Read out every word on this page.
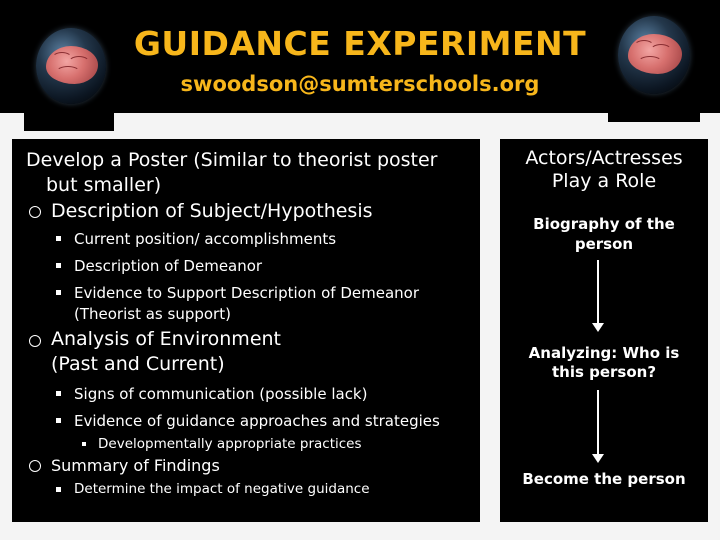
GUIDANCE EXPERIMENT
swoodson@sumterschools.org
Develop a Poster (Similar to theorist poster
but smaller)
Description of Subject/Hypothesis
Current position/ accomplishments
Description of Demeanor
Evidence to Support Description of Demeanor
(Theorist as support)
Analysis of Environment
(Past and Current)
Signs of communication (possible lack)
Evidence of guidance approaches and strategies
Developmentally appropriate practices
Summary of Findings
Determine the impact of negative guidance
Actors/Actresses
Play a Role
Biography of the
person
Analyzing: Who is
this person?
Become the person
